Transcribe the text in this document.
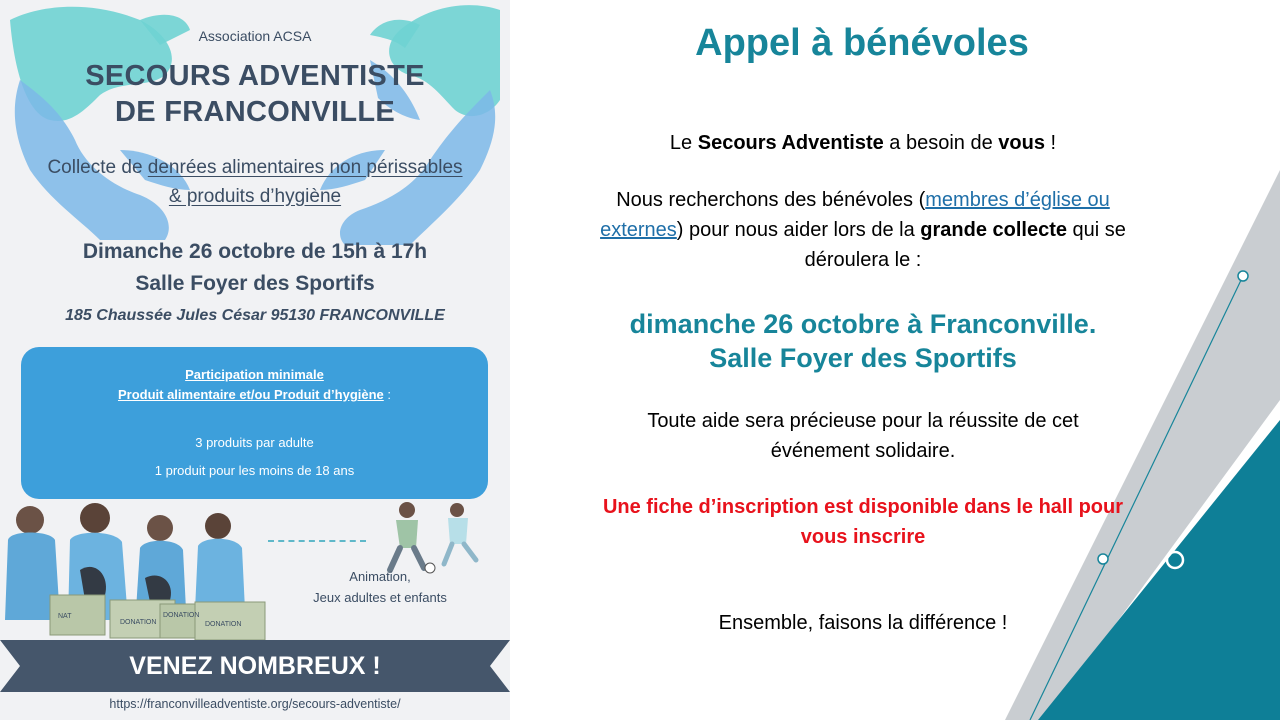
Association ACSA
SECOURS ADVENTISTE
DE FRANCONVILLE
Collecte de denrées alimentaires non périssables
& produits d’hygiène
Dimanche 26 octobre de 15h à 17h
Salle Foyer des Sportifs
185 Chaussée Jules César 95130 FRANCONVILLE
Participation minimale
Produit alimentaire et/ou Produit d’hygiène :
3 produits par adulte
1 produit pour les moins de 18 ans
NAT
DONATION
DONATION
DONATION
Animation,
Jeux adultes et enfants
VENEZ NOMBREUX !
https://franconvilleadventiste.org/secours-adventiste/
Appel à bénévoles
Le Secours Adventiste a besoin de vous !
Nous recherchons des bénévoles (membres d’église ou
externes) pour nous aider lors de la grande collecte qui se
déroulera le :
dimanche 26 octobre à Franconville.
Salle Foyer des Sportifs
Toute aide sera précieuse pour la réussite de cet
événement solidaire.
Une fiche d’inscription est disponible dans le hall pour
vous inscrire
Ensemble, faisons la différence !
